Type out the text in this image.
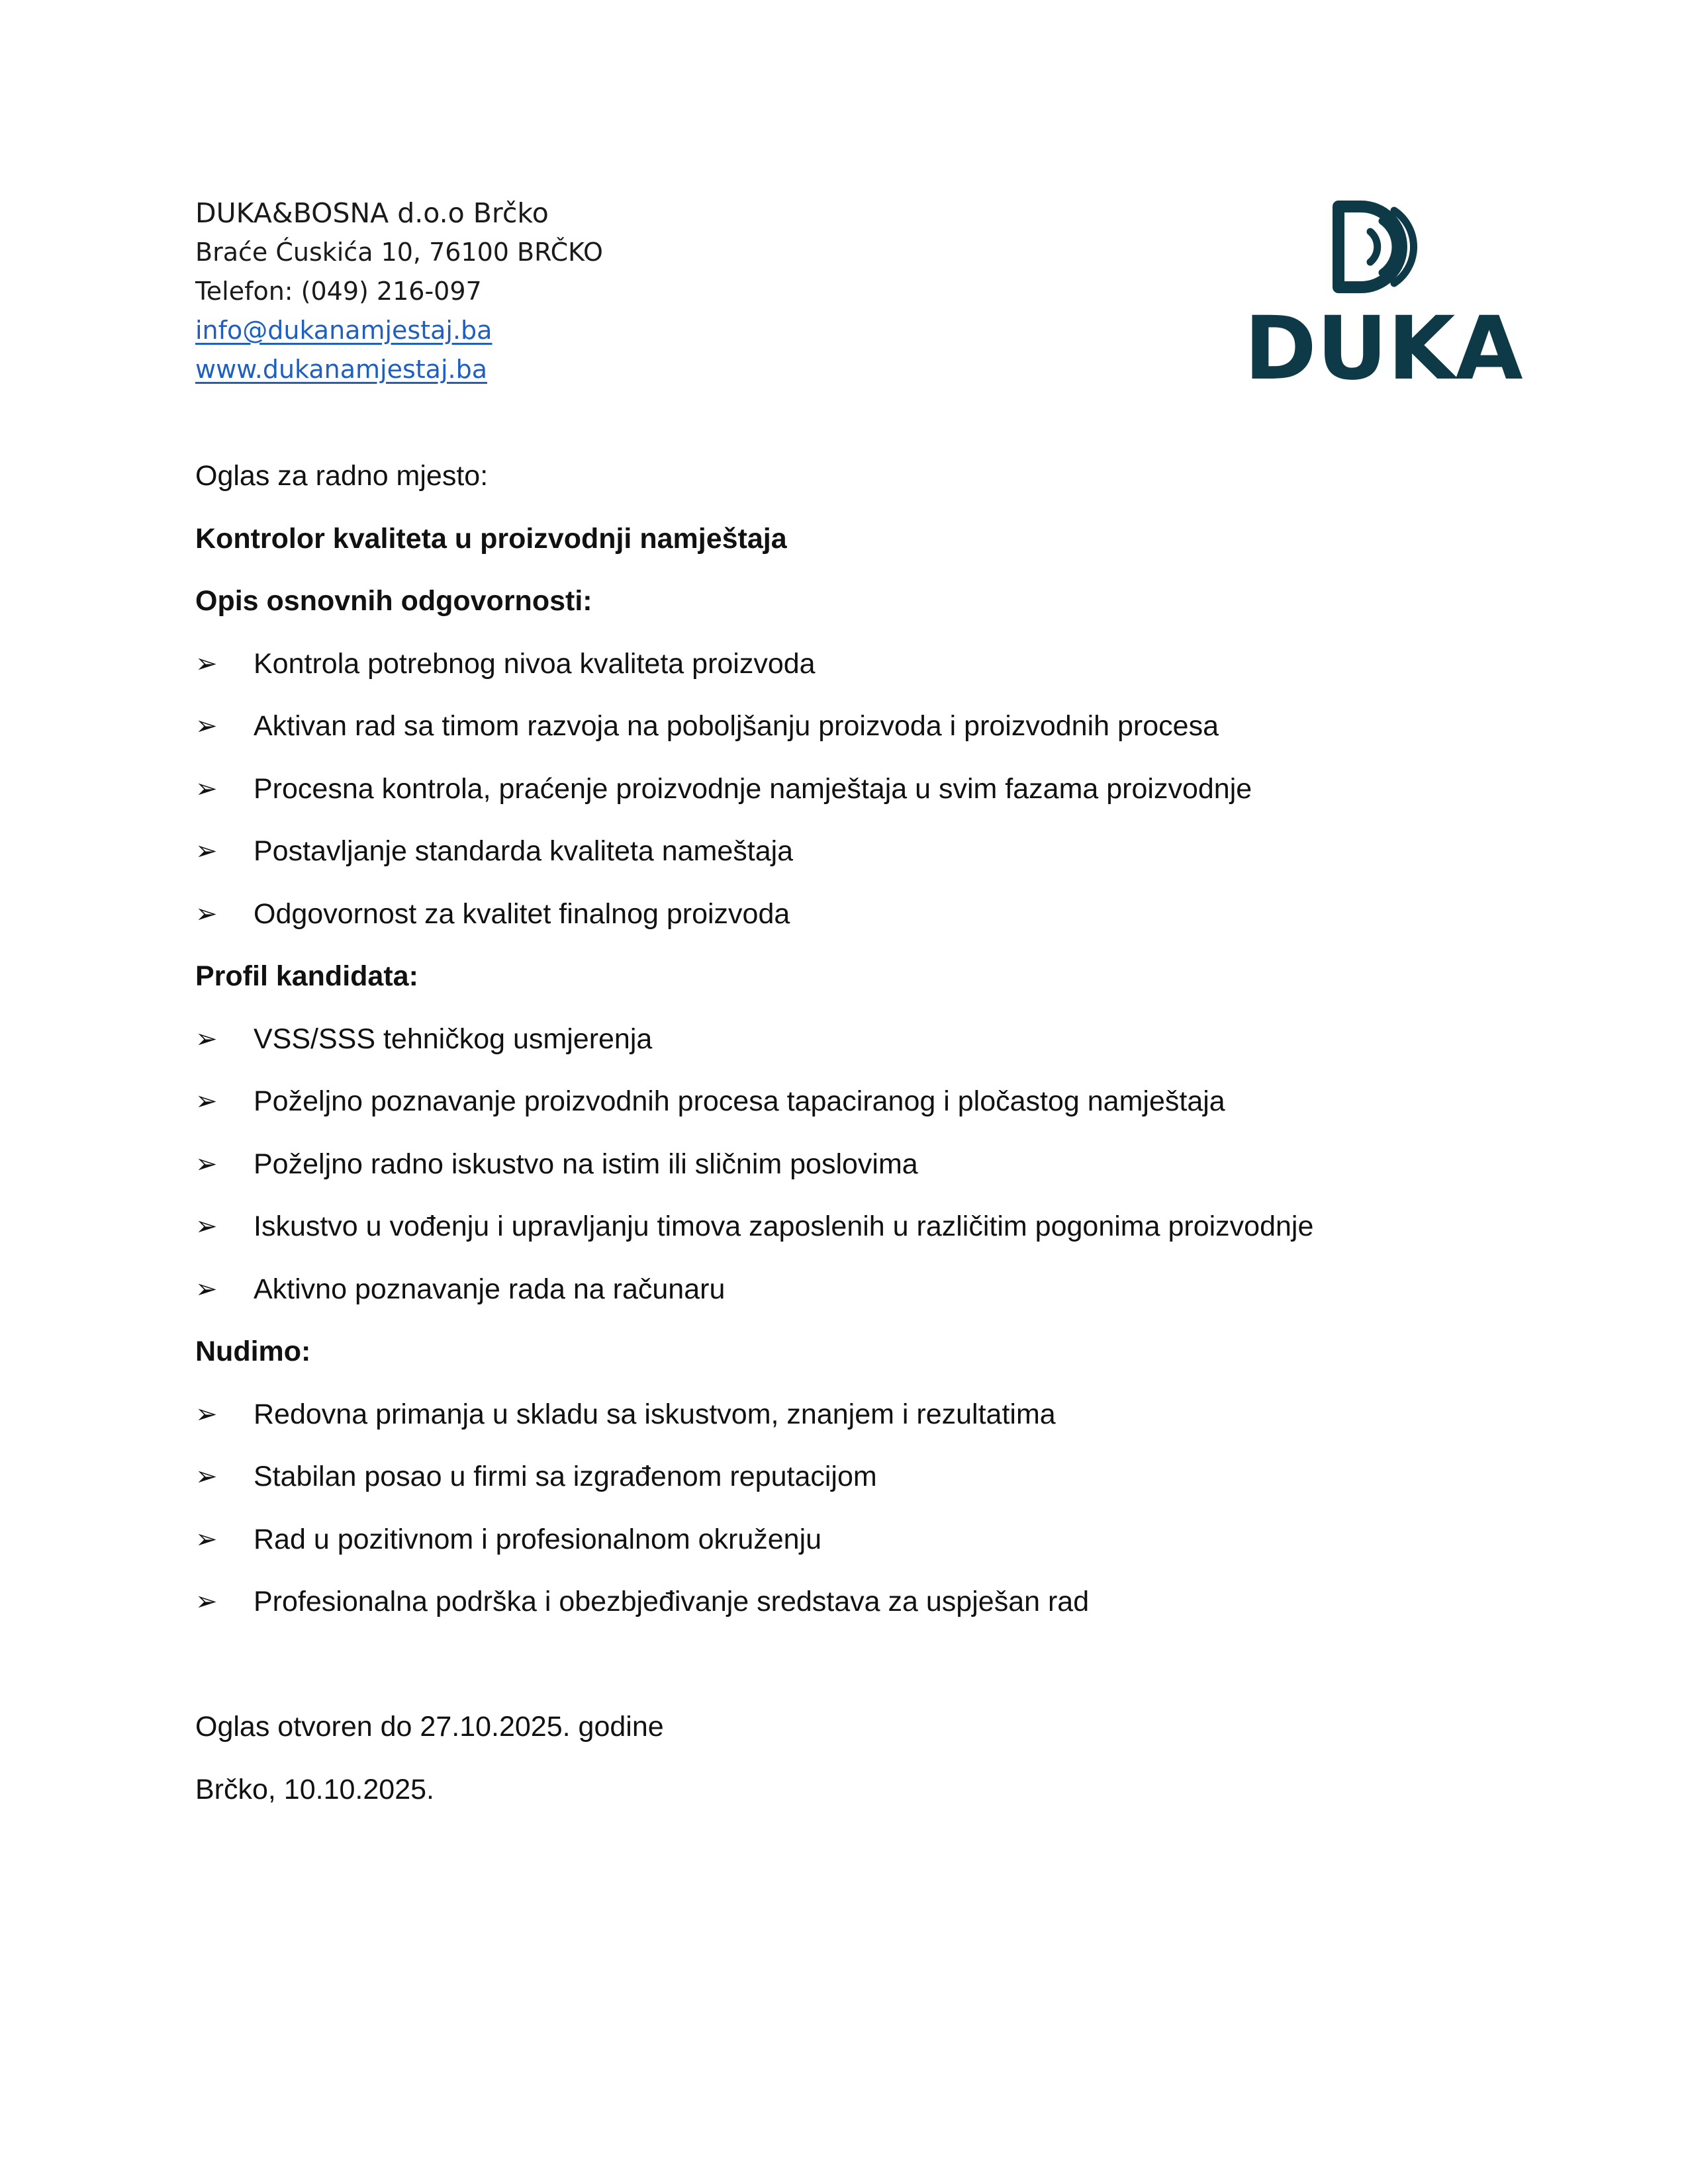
DUKA&BOSNA d.o.o Brčko
Braće Ćuskića 10, 76100 BRČKO
Telefon: (049) 216-097
info@dukanamjestaj.ba
www.dukanamjestaj.ba	DUKA
Oglas za radno mjesto:
Kontrolor kvaliteta u proizvodnji namještaja
Opis osnovnih odgovornosti:
➢	Kontrola potrebnog nivoa kvaliteta proizvoda
➢	Aktivan rad sa timom razvoja na poboljšanju proizvoda i proizvodnih procesa
➢	Procesna kontrola, praćenje proizvodnje namještaja u svim fazama proizvodnje
➢	Postavljanje standarda kvaliteta nameštaja
➢	Odgovornost za kvalitet finalnog proizvoda
Profil kandidata:
➢	VSS/SSS tehničkog usmjerenja
➢	Poželjno poznavanje proizvodnih procesa tapaciranog i pločastog namještaja
➢	Poželjno radno iskustvo na istim ili sličnim poslovima
➢	Iskustvo u vođenju i upravljanju timova zaposlenih u različitim pogonima proizvodnje
➢	Aktivno poznavanje rada na računaru
Nudimo:
➢	Redovna primanja u skladu sa iskustvom, znanjem i rezultatima
➢	Stabilan posao u firmi sa izgrađenom reputacijom
➢	Rad u pozitivnom i profesionalnom okruženju
➢	Profesionalna podrška i obezbjeđivanje sredstava za uspješan rad
Oglas otvoren do 27.10.2025. godine
Brčko, 10.10.2025.
